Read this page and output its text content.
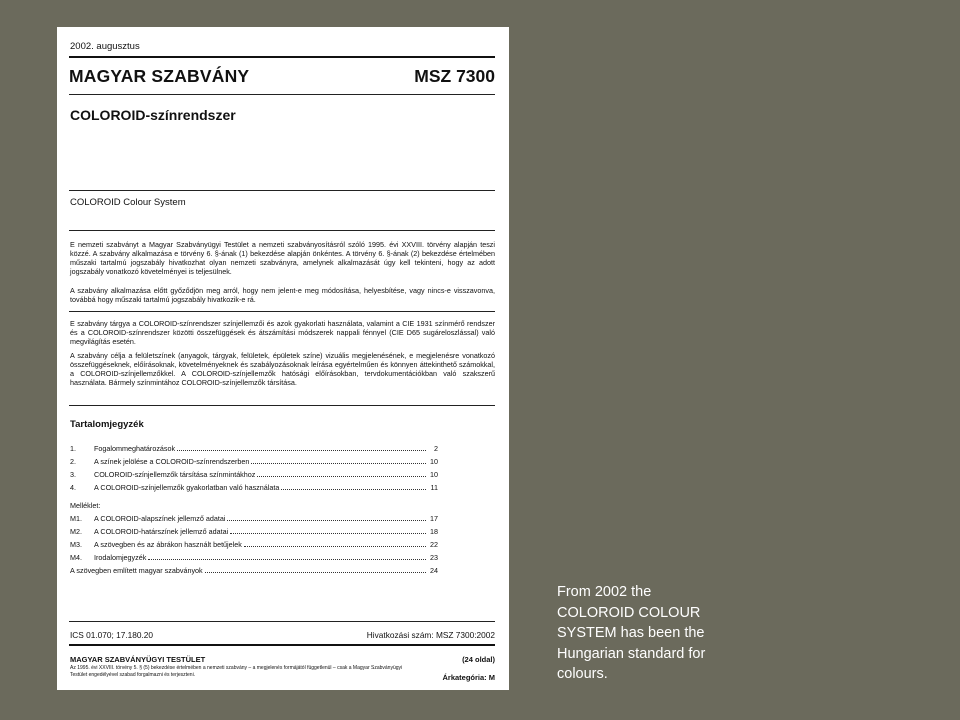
2002. augusztus
MAGYAR SZABVÁNY	MSZ 7300
COLOROID-színrendszer
COLOROID Colour System

E nemzeti szabványt a Magyar Szabványügyi Testület a nemzeti szabványosításról szóló 1995. évi XXVIII. törvény alapján teszi közzé. A szabvány alkalmazása e törvény 6. §-ának (1) bekezdése alapján önkéntes. A törvény 6. §-ának (2) bekezdése értelmében műszaki tartalmú jogszabály hivatkozhat olyan nemzeti szabványra, amelynek alkalmazását úgy kell tekinteni, hogy az adott jogszabály vonatkozó követelményei is teljesülnek.

A szabvány alkalmazása előtt győződjön meg arról, hogy nem jelent-e meg módosítása, helyesbítése, vagy nincs-e visszavonva, továbbá hogy műszaki tartalmú jogszabály hivatkozik-e rá.

E szabvány tárgya a COLOROID-színrendszer színjellemzői és azok gyakorlati használata, valamint a CIE 1931 színmérő rendszer és a COLOROID-színrendszer közötti összefüggések és átszámítási módszerek nappali fénnyel (CIE D65 sugáreloszlással) való megvilágítás esetén.

A szabvány célja a felületszínek (anyagok, tárgyak, felületek, épületek színe) vizuális megjelenésének, e megjelenésre vonatkozó összefüggéseknek, előírásoknak, követelményeknek és szabályozásoknak leírása egyértelműen és könnyen áttekinthető számokkal, a COLOROID-színjellemzőkkel. A COLOROID-színjellemzők hatósági előírásokban, tervdokumentációkban való szakszerű használata. Bármely színmintához COLOROID-színjellemzők társítása.

Tartalomjegyzék
1.	Fogalommeghatározások	2
2.	A színek jelölése a COLOROID-színrendszerben	10
3.	COLOROID-színjellemzők társítása színmintákhoz	10
4.	A COLOROID-színjellemzők gyakorlatban való használata	11
Melléklet:
M1.	A COLOROID-alapszínek jellemző adatai	17
M2.	A COLOROID-határszínek jellemző adatai	18
M3.	A szövegben és az ábrákon használt betűjelek	22
M4.	Irodalomjegyzék	23
A szövegben említett magyar szabványok	24
ICS 01.070; 17.180.20	Hivatkozási szám: MSZ 7300:2002
MAGYAR SZABVÁNYÜGYI TESTÜLET	(24 oldal)
Az 1995. évi XXVIII. törvény 5. § (5) bekezdése értelmében a nemzeti szabvány – a megjelenés formájától függetlenül – csak a Magyar Szabványügyi Testület engedélyével szabad forgalmazni és terjeszteni.	Árkategória: M
From 2002 the
COLOROID COLOUR
SYSTEM has been the
Hungarian standard for
colours.
